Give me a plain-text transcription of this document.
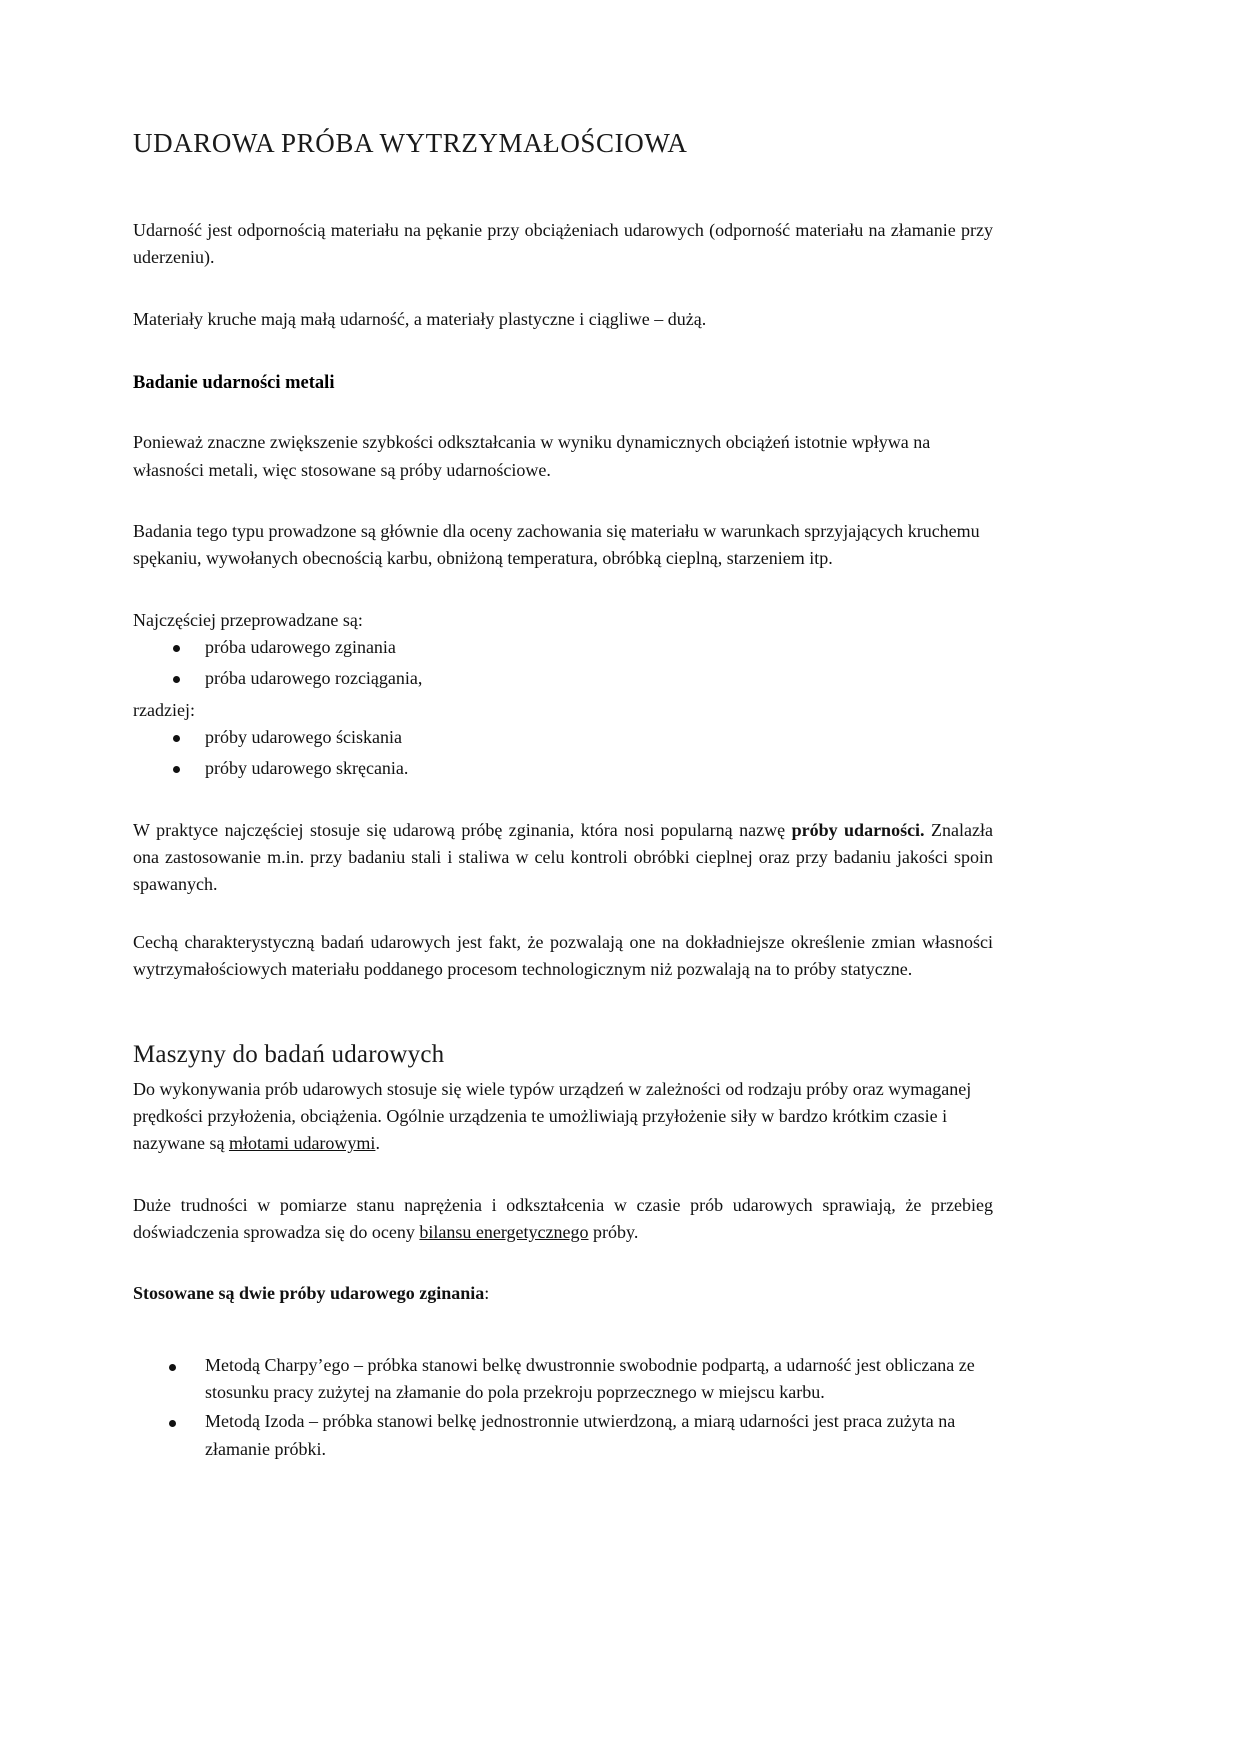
UDAROWA PRÓBA WYTRZYMAŁOŚCIOWA

Udarność jest odpornością materiału na pękanie przy obciążeniach udarowych (odporność materiału na złamanie przy uderzeniu).

Materiały kruche mają małą udarność, a materiały plastyczne i ciągliwe – dużą.

Badanie udarności metali

Ponieważ znaczne zwiększenie szybkości odkształcania w wyniku dynamicznych obciążeń istotnie wpływa na własności metali, więc stosowane są próby udarnościowe.

Badania tego typu prowadzone są głównie dla oceny zachowania się materiału w warunkach sprzyjających kruchemu spękaniu, wywołanych obecnością karbu, obniżoną temperatura, obróbką cieplną, starzeniem itp.

Najczęściej przeprowadzane są:

próba udarowego zginania
próba udarowego rozciągania,

rzadziej:

próby udarowego ściskania
próby udarowego skręcania.

W praktyce najczęściej stosuje się udarową próbę zginania, która nosi popularną nazwę próby udarności. Znalazła ona zastosowanie m.in. przy badaniu stali i staliwa w celu kontroli obróbki cieplnej oraz przy badaniu jakości spoin spawanych.

Cechą charakterystyczną badań udarowych jest fakt, że pozwalają one na dokładniejsze określenie zmian własności wytrzymałościowych materiału poddanego procesom technologicznym niż pozwalają na to próby statyczne.

Maszyny do badań udarowych

Do wykonywania prób udarowych stosuje się wiele typów urządzeń w zależności od rodzaju próby oraz wymaganej prędkości przyłożenia, obciążenia. Ogólnie urządzenia te umożliwiają przyłożenie siły w bardzo krótkim czasie i nazywane są młotami udarowymi.

Duże trudności w pomiarze stanu naprężenia i odkształcenia w czasie prób udarowych sprawiają, że przebieg doświadczenia sprowadza się do oceny bilansu energetycznego próby.

Stosowane są dwie próby udarowego zginania:

Metodą Charpy’ego – próbka stanowi belkę dwustronnie swobodnie podpartą, a udarność jest obliczana ze stosunku pracy zużytej na złamanie do pola przekroju poprzecznego w miejscu karbu.
Metodą Izoda – próbka stanowi belkę jednostronnie utwierdzoną, a miarą udarności jest praca zużyta na złamanie próbki.
